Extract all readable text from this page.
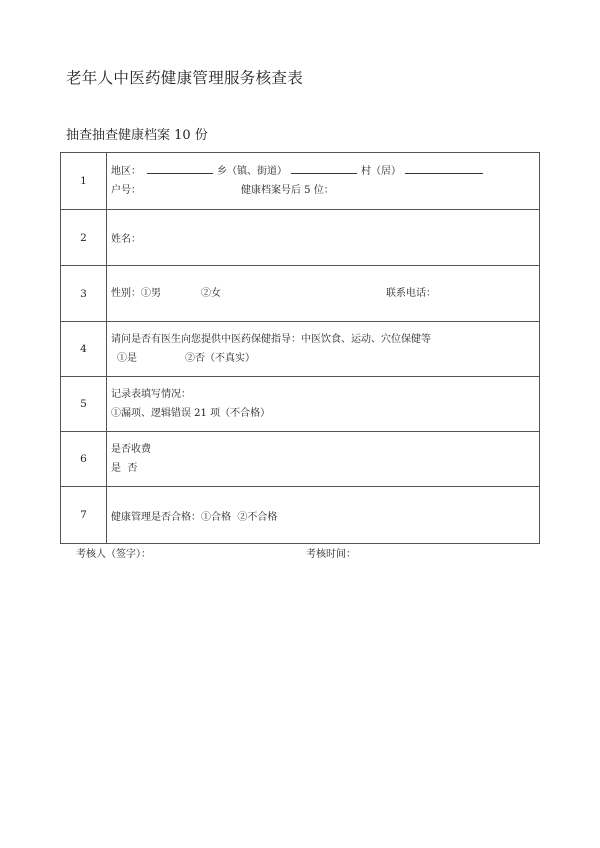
老年人中医药健康管理服务核查表
抽查抽查健康档案 10 份
1	地区： 乡（镇、街道） 村（居）
户号： 健康档案号后 5 位：

2	姓名：
3	性别：①男 ②女 联系电话：

4	请问是否有医生向您提供中医药保健指导：中医饮食、运动、穴位保健等
①是 ②否（不真实）

5	记录表填写情况：
①漏项、逻辑错误 21 项（不合格）

6	是否收费
是  否

7	健康管理是否合格：①合格  ②不合格
考核人（签字）：	考核时间：
